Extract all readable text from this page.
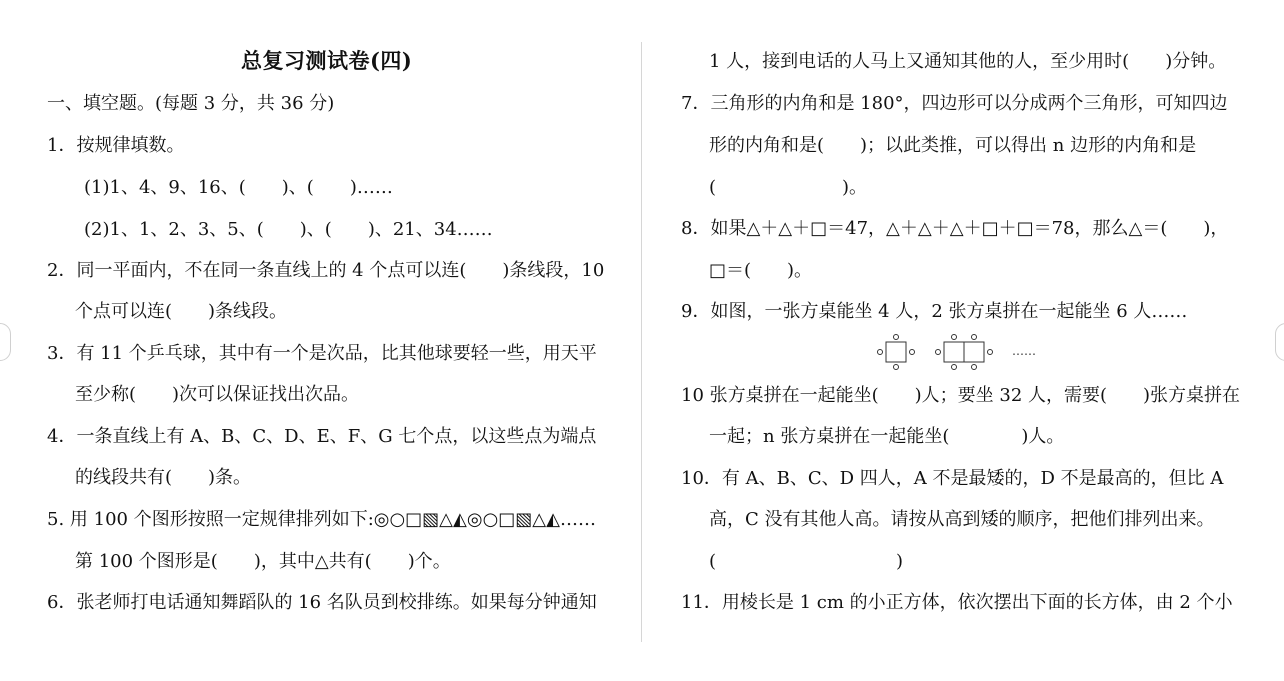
总复习测试卷(四)
一、填空题。(每题 3 分，共 36 分)
1．按规律填数。
(1)1、4、9、16、(　　)、(　　)……
(2)1、1、2、3、5、(　　)、(　　)、21、34……
2．同一平面内，不在同一条直线上的 4 个点可以连(　　)条线段，10
个点可以连(　　)条线段。
3．有 11 个乒乓球，其中有一个是次品，比其他球要轻一些，用天平
至少称(　　)次可以保证找出次品。
4．一条直线上有 A、B、C、D、E、F、G 七个点，以这些点为端点
的线段共有(　　)条。
5. 用 100 个图形按照一定规律排列如下:◎○□▧△◭◎○□▧△◭……
第 100 个图形是(　　)，其中△共有(　　)个。
6．张老师打电话通知舞蹈队的 16 名队员到校排练。如果每分钟通知
1 人，接到电话的人马上又通知其他的人，至少用时(　　)分钟。
7．三角形的内角和是 180°，四边形可以分成两个三角形，可知四边
形的内角和是(　　)；以此类推，可以得出 n 边形的内角和是
(　　　　　　　)。
8．如果△＋△＋□＝47，△＋△＋△＋□＋□＝78，那么△＝(　　)，
□＝(　　)。
9．如图，一张方桌能坐 4 人，2 张方桌拼在一起能坐 6 人……
……
10 张方桌拼在一起能坐(　　)人；要坐 32 人，需要(　　)张方桌拼在
一起；n 张方桌拼在一起能坐(　　　　)人。
10．有 A、B、C、D 四人，A 不是最矮的，D 不是最高的，但比 A
高，C 没有其他人高。请按从高到矮的顺序，把他们排列出来。
(　　　　　　　　　　)
11．用棱长是 1 cm 的小正方体，依次摆出下面的长方体，由 2 个小
